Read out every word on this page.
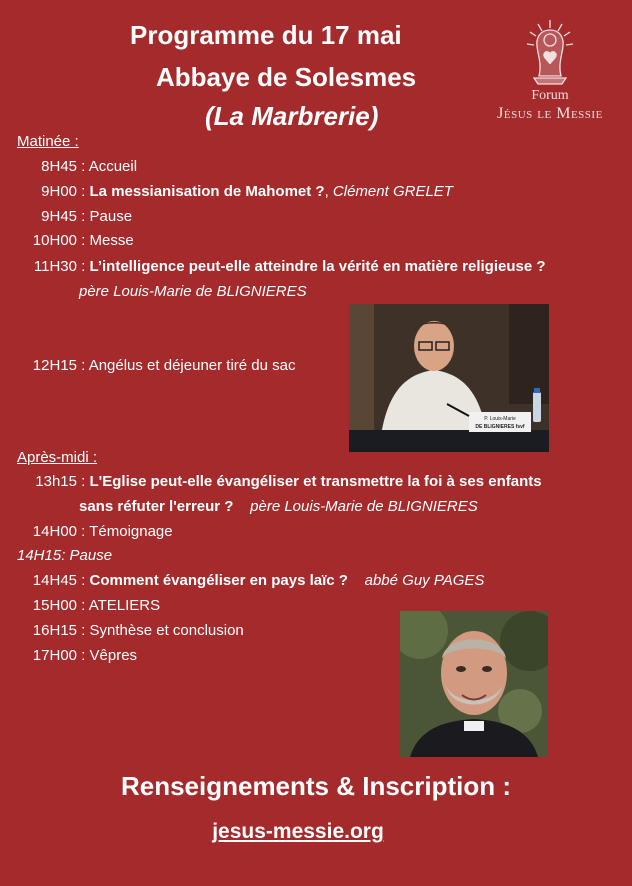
Programme du 17 mai
Abbaye de Solesmes
(La Marbrerie)
Forum
Jésus le Messie
Matinée :
8H45 : Accueil
9H00 : La messianisation de Mahomet ?, Clément GRELET
9H45 : Pause
10H00 : Messe
11H30 : L’intelligence peut-elle atteindre la vérité en matière religieuse ?
père Louis-Marie de BLIGNIERES
12H15 : Angélus et déjeuner tiré du sac
P. Louis-Marie
DE BLIGNIERES fsvf
Après-midi :
13h15 : L'Eglise peut-elle évangéliser et transmettre la foi à ses enfants
sans réfuter l'erreur ? père Louis-Marie de BLIGNIERES
14H00 : Témoignage
14H15: Pause
14H45 : Comment évangéliser en pays laïc ? abbé Guy PAGES
15H00 : ATELIERS
16H15 : Synthèse et conclusion
17H00 : Vêpres
Renseignements & Inscription :
jesus-messie.org
